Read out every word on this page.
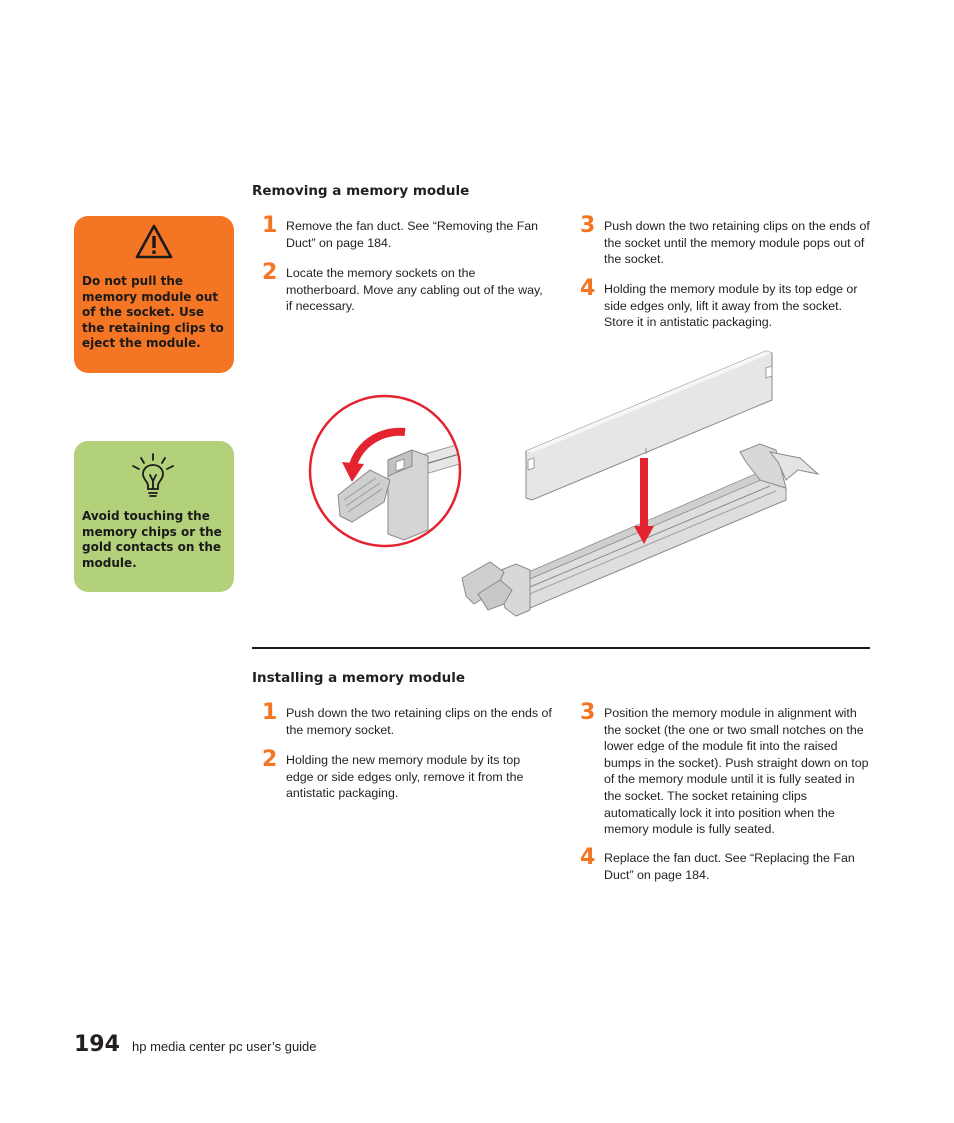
Do not pull the memory module out of the socket. Use the retaining clips to eject the module.
Avoid touching the memory chips or the gold contacts on the module.
Removing a memory module
1 Remove the fan duct. See “Removing the Fan Duct” on page 184.
2 Locate the memory sockets on the motherboard. Move any cabling out of the way, if necessary.
3 Push down the two retaining clips on the ends of the socket until the memory module pops out of the socket.
4 Holding the memory module by its top edge or side edges only, lift it away from the socket. Store it in antistatic packaging.
Installing a memory module
1 Push down the two retaining clips on the ends of the memory socket.
2 Holding the new memory module by its top edge or side edges only, remove it from the antistatic packaging.
3 Position the memory module in alignment with the socket (the one or two small notches on the lower edge of the module fit into the raised bumps in the socket). Push straight down on top of the memory module until it is fully seated in the socket. The socket retaining clips automatically lock it into position when the memory module is fully seated.
4 Replace the fan duct. See “Replacing the Fan Duct” on page 184.
194 hp media center pc user’s guide
